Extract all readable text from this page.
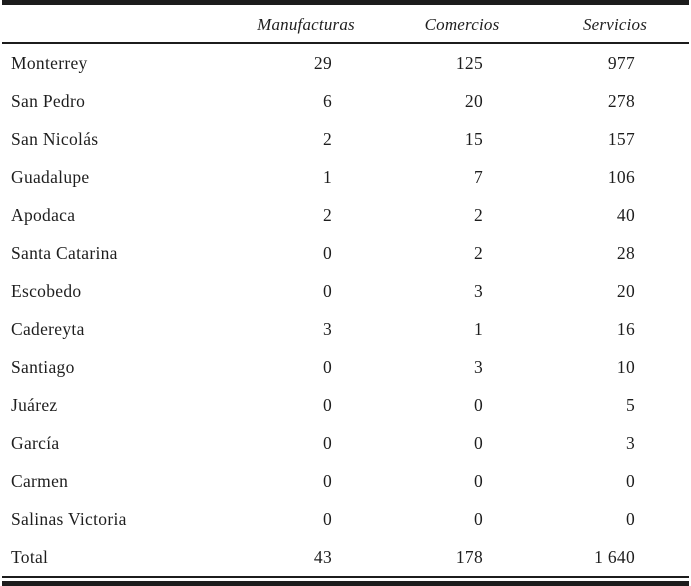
	Manufacturas	Comercios	Servicios
Monterrey	29	125	977
San Pedro	6	20	278
San Nicolás	2	15	157
Guadalupe	1	7	106
Apodaca	2	2	40
Santa Catarina	0	2	28
Escobedo	0	3	20
Cadereyta	3	1	16
Santiago	0	3	10
Juárez	0	0	5
García	0	0	3
Carmen	0	0	0
Salinas Victoria	0	0	0
Total	43	178	1 640
